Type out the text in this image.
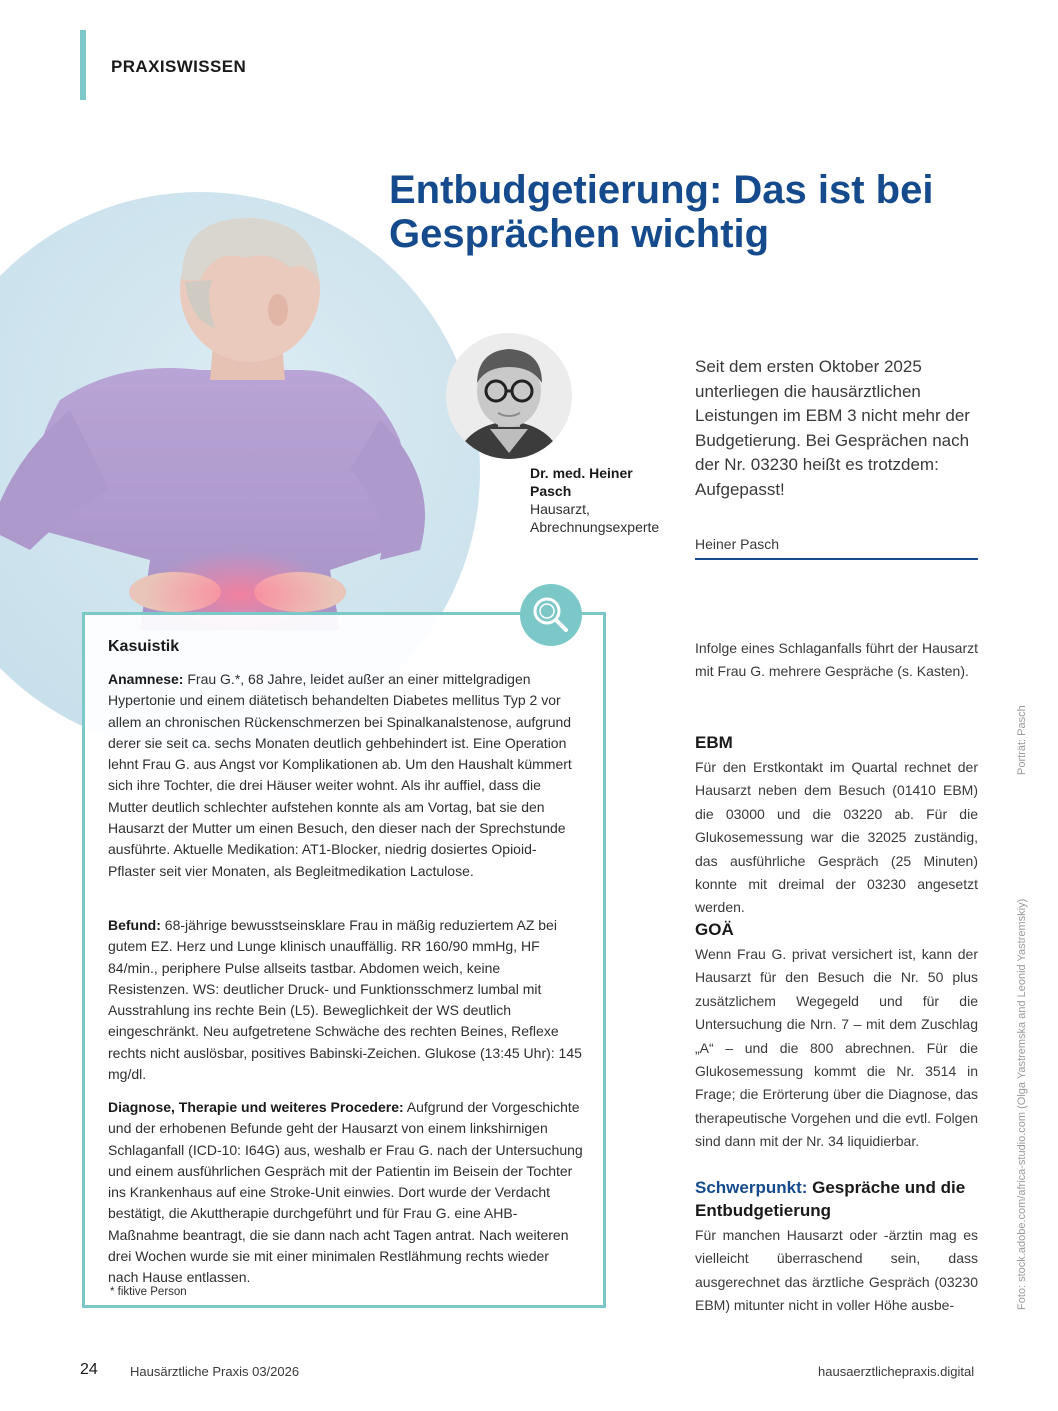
PRAXISWISSEN
Entbudgetierung: Das ist bei Gesprächen wichtig
Dr. med. Heiner Pasch
Hausarzt, Abrechnungsexperte

Seit dem ersten Oktober 2025 unterliegen die hausärztlichen Leistungen im EBM 3 nicht mehr der Budgetierung. Bei Gesprächen nach der Nr. 03230 heißt es trotzdem: Aufgepasst!

Heiner Pasch
Kasuistik

Anamnese: Frau G.*, 68 Jahre, leidet außer an einer mittelgradigen Hypertonie und einem diätetisch behandelten Diabetes mellitus Typ 2 vor allem an chronischen Rückenschmerzen bei Spinalkanalstenose, aufgrund derer sie seit ca. sechs Monaten deutlich gehbehindert ist. Eine Operation lehnt Frau G. aus Angst vor Komplikationen ab. Um den Haushalt kümmert sich ihre Tochter, die drei Häuser weiter wohnt. Als ihr auffiel, dass die Mutter deutlich schlechter aufstehen konnte als am Vortag, bat sie den Hausarzt der Mutter um einen Besuch, den dieser nach der Sprechstunde ausführte. Aktuelle Medikation: AT1-Blocker, niedrig dosiertes Opioid-Pflaster seit vier Monaten, als Begleitmedikation Lactulose.

Befund: 68-jährige bewusstseinsklare Frau in mäßig reduziertem AZ bei gutem EZ. Herz und Lunge klinisch unauffällig. RR 160/90 mmHg, HF 84/min., periphere Pulse allseits tastbar. Abdomen weich, keine Resistenzen. WS: deutlicher Druck- und Funktionsschmerz lumbal mit Ausstrahlung ins rechte Bein (L5). Beweglichkeit der WS deutlich eingeschränkt. Neu aufgetretene Schwäche des rechten Beines, Reflexe rechts nicht auslösbar, positives Babinski-Zeichen. Glukose (13:45 Uhr): 145 mg/dl.

Diagnose, Therapie und weiteres Procedere: Aufgrund der Vorgeschichte und der erhobenen Befunde geht der Hausarzt von einem linkshirnigen Schlaganfall (ICD-10: I64G) aus, weshalb er Frau G. nach der Untersuchung und einem ausführlichen Gespräch mit der Patientin im Beisein der Tochter ins Krankenhaus auf eine Stroke-Unit einwies. Dort wurde der Verdacht bestätigt, die Akuttherapie durchgeführt und für Frau G. eine AHB-Maßnahme beantragt, die sie dann nach acht Tagen antrat. Nach weiteren drei Wochen wurde sie mit einer minimalen Restlähmung rechts wieder nach Hause entlassen.

* fiktive Person

Infolge eines Schlaganfalls führt der Hausarzt mit Frau G. mehrere Gespräche (s. Kasten).

EBM

Für den Erstkontakt im Quartal rechnet der Hausarzt neben dem Besuch (01410 EBM) die 03000 und die 03220 ab. Für die Glukosemessung war die 32025 zuständig, das ausführliche Gespräch (25 Minuten) konnte mit dreimal der 03230 angesetzt werden.

GOÄ

Wenn Frau G. privat versichert ist, kann der Hausarzt für den Besuch die Nr. 50 plus zusätzlichem Wegegeld und für die Untersuchung die Nrn. 7 – mit dem Zuschlag „A“ – und die 800 abrechnen. Für die Glukosemessung kommt die Nr. 3514 in Frage; die Erörterung über die Diagnose, das therapeutische Vorgehen und die evtl. Folgen sind dann mit der Nr. 34 liquidierbar.

Schwerpunkt: Gespräche und die Entbudgetierung

Für manchen Hausarzt oder -ärztin mag es vielleicht überraschend sein, dass ausgerechnet das ärztliche Gespräch (03230 EBM) mitunter nicht in voller Höhe ausbe-

Porträt: Pasch
Foto: stock.adobe.com/africa-studio.com (Olga Yastremska and Leonid Yastremskiy)
24 Hausärztliche Praxis 03/2026	hausaerztlichepraxis.digital
